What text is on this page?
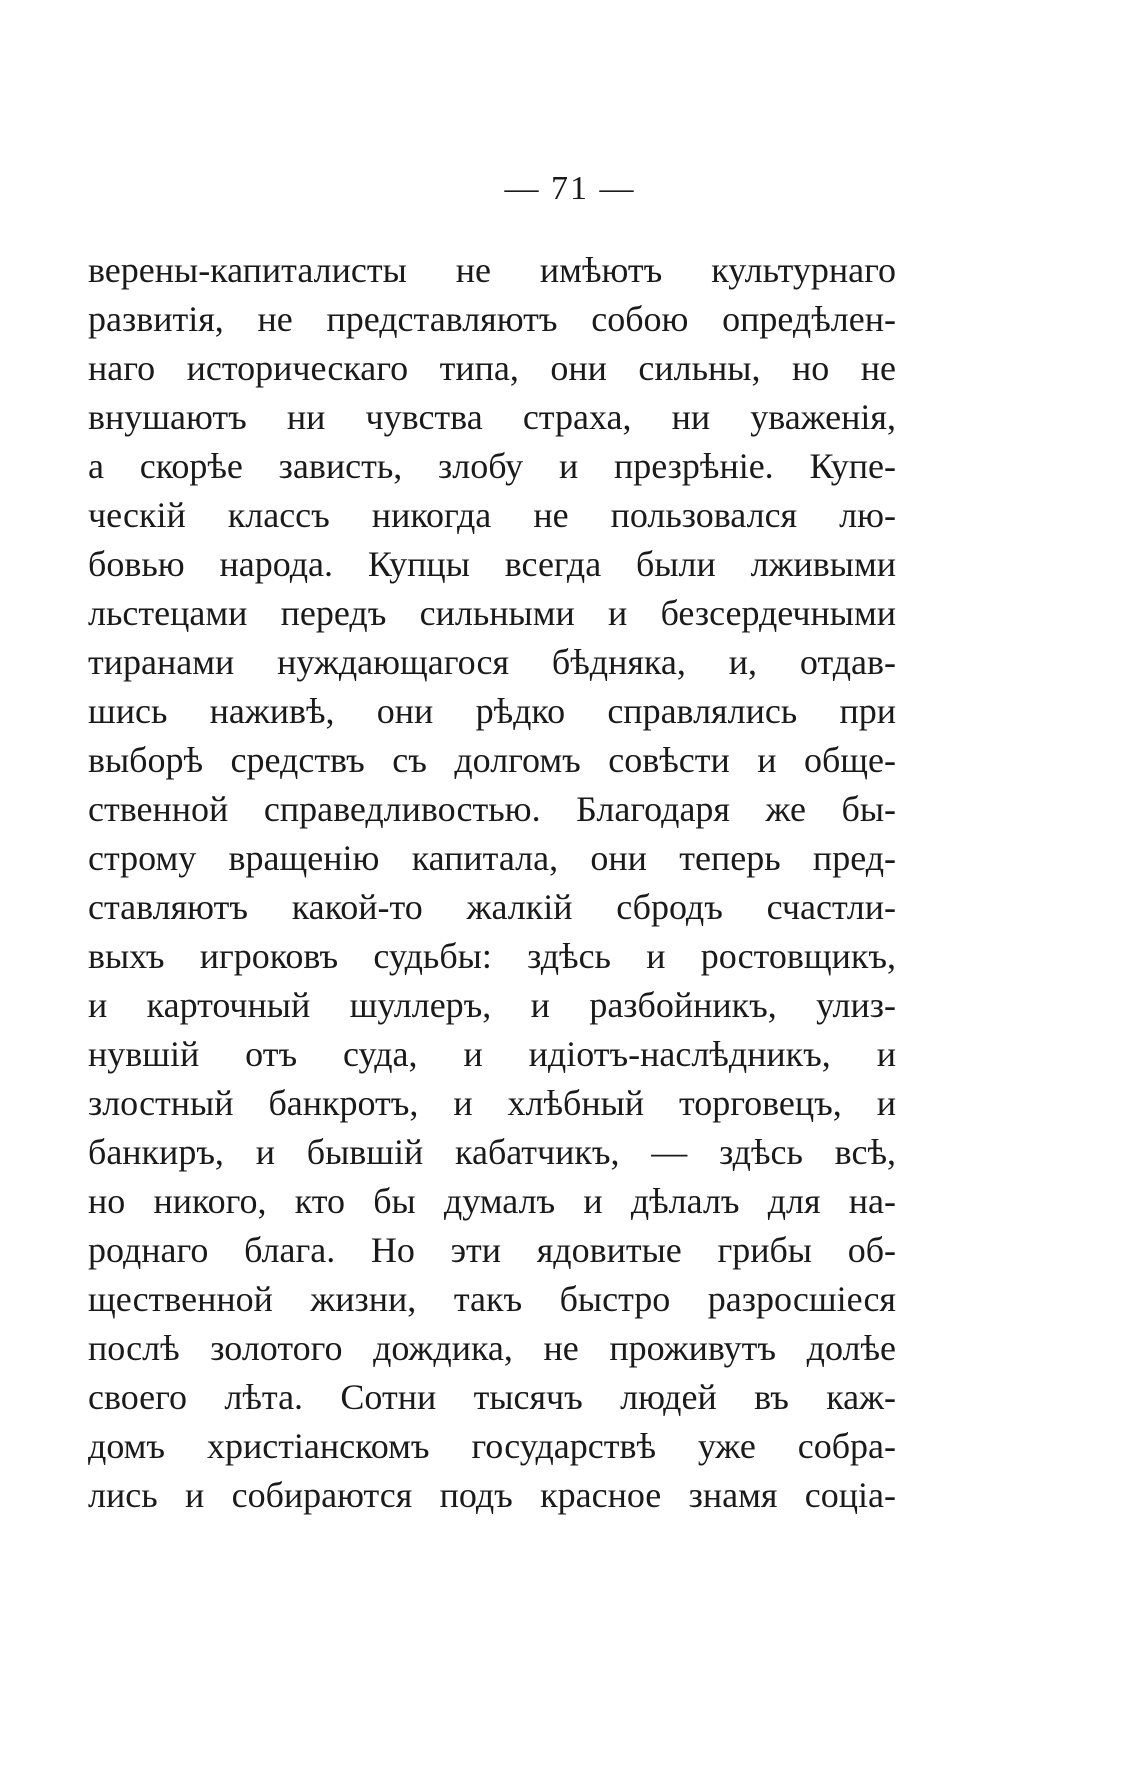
— 71 —
верены-капиталисты не имѣютъ культурнаго
развитія, не представляютъ собою опредѣлен-
наго историческаго типа, они сильны, но не
внушаютъ ни чувства страха, ни уваженія,
а скорѣе зависть, злобу и презрѣніе. Купе-
ческій классъ никогда не пользовался лю-
бовью народа. Купцы всегда были лживыми
льстецами передъ сильными и безсердечными
тиранами нуждающагося бѣдняка, и, отдав-
шись наживѣ, они рѣдко справлялись при
выборѣ средствъ съ долгомъ совѣсти и обще-
ственной справедливостью. Благодаря же бы-
строму вращенію капитала, они теперь пред-
ставляютъ какой-то жалкій сбродъ счастли-
выхъ игроковъ судьбы: здѣсь и ростовщикъ,
и карточный шуллеръ, и разбойникъ, улиз-
нувшій отъ суда, и идіотъ-наслѣдникъ, и
злостный банкротъ, и хлѣбный торговецъ, и
банкиръ, и бывшій кабатчикъ, — здѣсь всѣ,
но никого, кто бы думалъ и дѣлалъ для на-
роднаго блага. Но эти ядовитые грибы об-
щественной жизни, такъ быстро разросшіеся
послѣ золотого дождика, не проживутъ долѣе
своего лѣта. Сотни тысячъ людей въ каж-
домъ христіанскомъ государствѣ уже собра-
лись и собираются подъ красное знамя соціа-
